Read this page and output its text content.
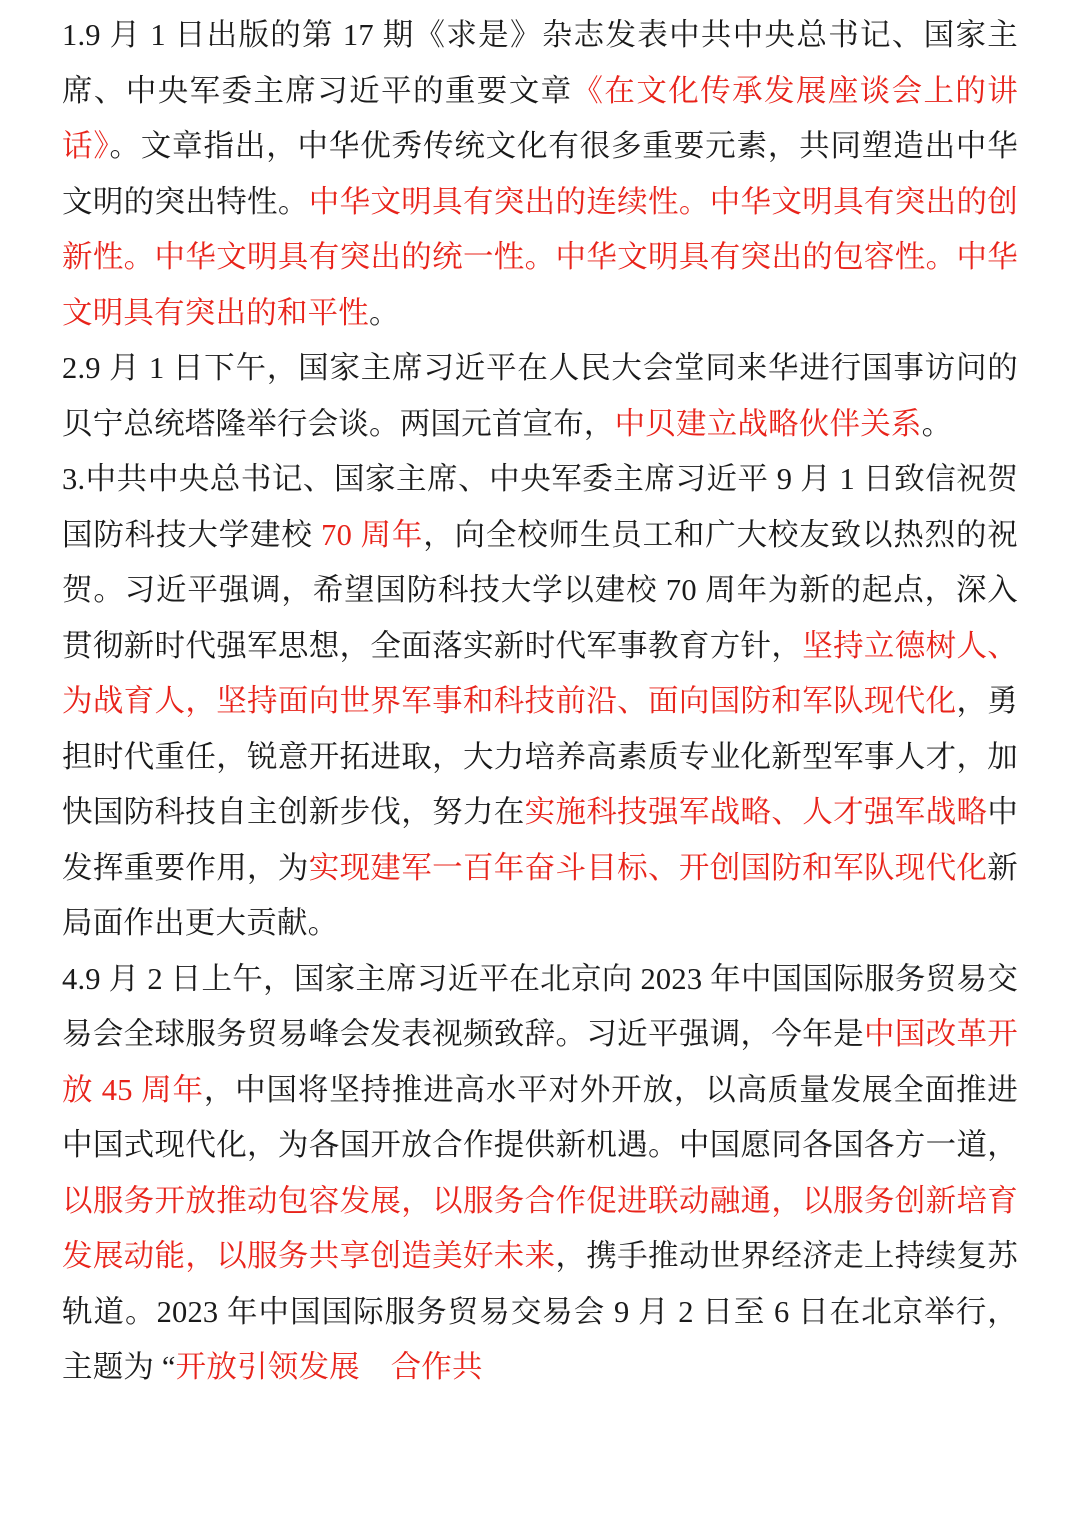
1.9 月 1 日出版的第 17 期《求是》杂志发表中共中央总书记、国家主席、中央军委主席习近平的重要文章《在文化传承发展座谈会上的讲话》。文章指出，中华优秀传统文化有很多重要元素，共同塑造出中华文明的突出特性。中华文明具有突出的连续性。中华文明具有突出的创新性。中华文明具有突出的统一性。中华文明具有突出的包容性。中华文明具有突出的和平性。
2.9 月 1 日下午，国家主席习近平在人民大会堂同来华进行国事访问的贝宁总统塔隆举行会谈。两国元首宣布，中贝建立战略伙伴关系。
3.中共中央总书记、国家主席、中央军委主席习近平 9 月 1 日致信祝贺国防科技大学建校 70 周年，向全校师生员工和广大校友致以热烈的祝贺。习近平强调，希望国防科技大学以建校 70 周年为新的起点，深入贯彻新时代强军思想，全面落实新时代军事教育方针，坚持立德树人、为战育人，坚持面向世界军事和科技前沿、面向国防和军队现代化，勇担时代重任，锐意开拓进取，大力培养高素质专业化新型军事人才，加快国防科技自主创新步伐，努力在实施科技强军战略、人才强军战略中发挥重要作用，为实现建军一百年奋斗目标、开创国防和军队现代化新局面作出更大贡献。
4.9 月 2 日上午，国家主席习近平在北京向 2023 年中国国际服务贸易交易会全球服务贸易峰会发表视频致辞。习近平强调，今年是中国改革开放 45 周年，中国将坚持推进高水平对外开放，以高质量发展全面推进中国式现代化，为各国开放合作提供新机遇。中国愿同各国各方一道，以服务开放推动包容发展，以服务合作促进联动融通，以服务创新培育发展动能，以服务共享创造美好未来，携手推动世界经济走上持续复苏轨道。2023 年中国国际服务贸易交易会 9 月 2 日至 6 日在北京举行，主题为 “开放引领发展　合作共
